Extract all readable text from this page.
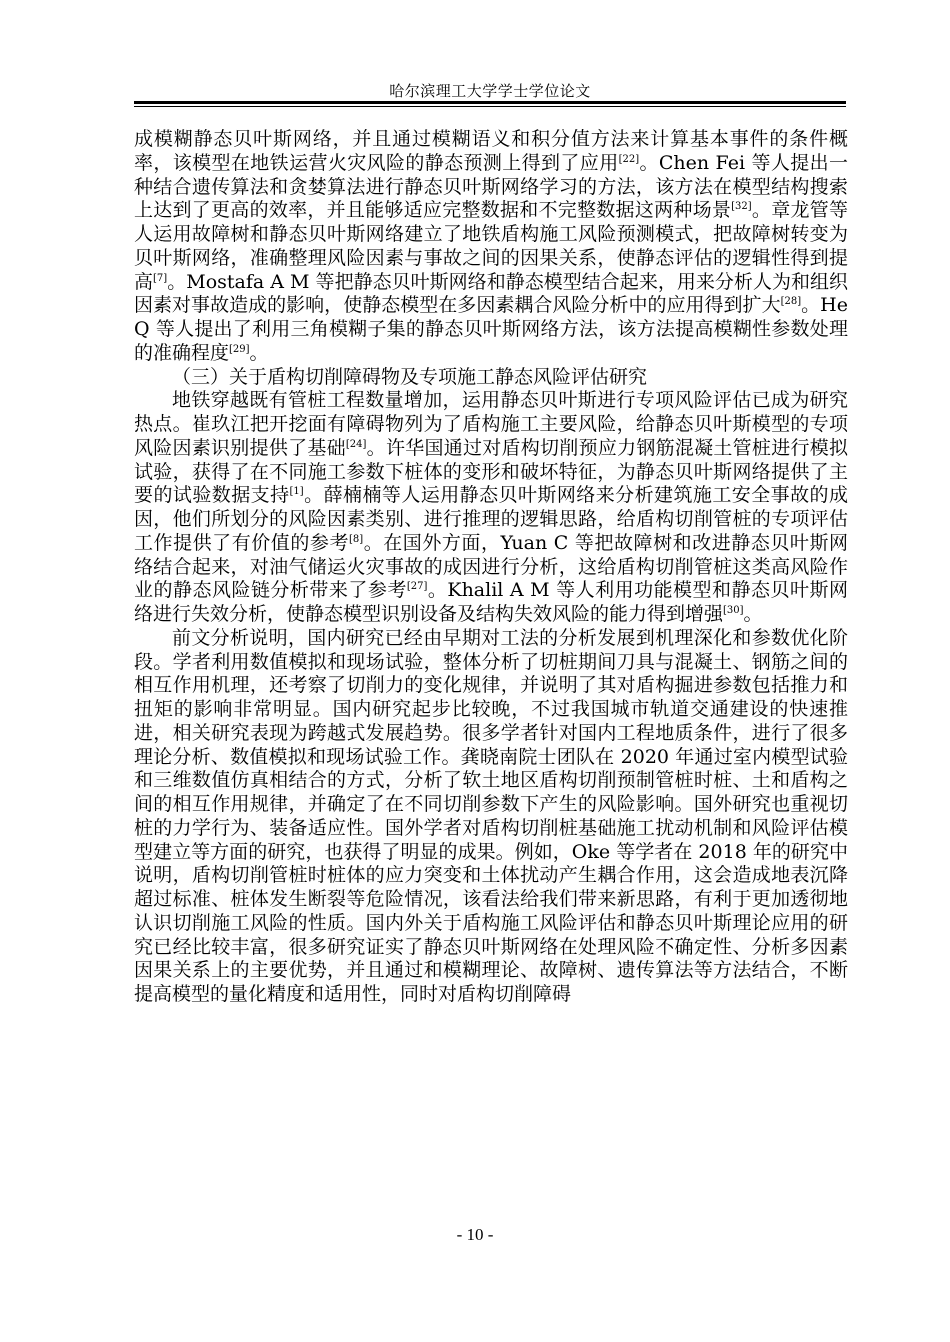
哈尔滨理工大学学士学位论文

成模糊静态贝叶斯网络，并且通过模糊语义和积分值方法来计算基本事件的条件概率，该模型在地铁运营火灾风险的静态预测上得到了应用[22]。Chen Fei 等人提出一种结合遗传算法和贪婪算法进行静态贝叶斯网络学习的方法，该方法在模型结构搜索上达到了更高的效率，并且能够适应完整数据和不完整数据这两种场景[32]。章龙管等人运用故障树和静态贝叶斯网络建立了地铁盾构施工风险预测模式，把故障树转变为贝叶斯网络，准确整理风险因素与事故之间的因果关系，使静态评估的逻辑性得到提高[7]。Mostafa A M 等把静态贝叶斯网络和静态模型结合起来，用来分析人为和组织因素对事故造成的影响，使静态模型在多因素耦合风险分析中的应用得到扩大[28]。He Q 等人提出了利用三角模糊子集的静态贝叶斯网络方法，该方法提高模糊性参数处理的准确程度[29]。

（三）关于盾构切削障碍物及专项施工静态风险评估研究

地铁穿越既有管桩工程数量增加，运用静态贝叶斯进行专项风险评估已成为研究热点。崔玖江把开挖面有障碍物列为了盾构施工主要风险，给静态贝叶斯模型的专项风险因素识别提供了基础[24]。许华国通过对盾构切削预应力钢筋混凝土管桩进行模拟试验，获得了在不同施工参数下桩体的变形和破坏特征，为静态贝叶斯网络提供了主要的试验数据支持[1]。薛楠楠等人运用静态贝叶斯网络来分析建筑施工安全事故的成因，他们所划分的风险因素类别、进行推理的逻辑思路，给盾构切削管桩的专项评估工作提供了有价值的参考[8]。在国外方面，Yuan C 等把故障树和改进静态贝叶斯网络结合起来，对油气储运火灾事故的成因进行分析，这给盾构切削管桩这类高风险作业的静态风险链分析带来了参考[27]。Khalil A M 等人利用功能模型和静态贝叶斯网络进行失效分析，使静态模型识别设备及结构失效风险的能力得到增强[30]。

前文分析说明，国内研究已经由早期对工法的分析发展到机理深化和参数优化阶段。学者利用数值模拟和现场试验，整体分析了切桩期间刀具与混凝土、钢筋之间的相互作用机理，还考察了切削力的变化规律，并说明了其对盾构掘进参数包括推力和扭矩的影响非常明显。国内研究起步比较晚，不过我国城市轨道交通建设的快速推进，相关研究表现为跨越式发展趋势。很多学者针对国内工程地质条件，进行了很多理论分析、数值模拟和现场试验工作。龚晓南院士团队在 2020 年通过室内模型试验和三维数值仿真相结合的方式，分析了软土地区盾构切削预制管桩时桩、土和盾构之间的相互作用规律，并确定了在不同切削参数下产生的风险影响。国外研究也重视切桩的力学行为、装备适应性。国外学者对盾构切削桩基础施工扰动机制和风险评估模型建立等方面的研究，也获得了明显的成果。例如，Oke 等学者在 2018 年的研究中说明，盾构切削管桩时桩体的应力突变和土体扰动产生耦合作用，这会造成地表沉降超过标准、桩体发生断裂等危险情况，该看法给我们带来新思路，有利于更加透彻地认识切削施工风险的性质。国内外关于盾构施工风险评估和静态贝叶斯理论应用的研究已经比较丰富，很多研究证实了静态贝叶斯网络在处理风险不确定性、分析多因素因果关系上的主要优势，并且通过和模糊理论、故障树、遗传算法等方法结合，不断提高模型的量化精度和适用性，同时对盾构切削障碍

- 10 -
